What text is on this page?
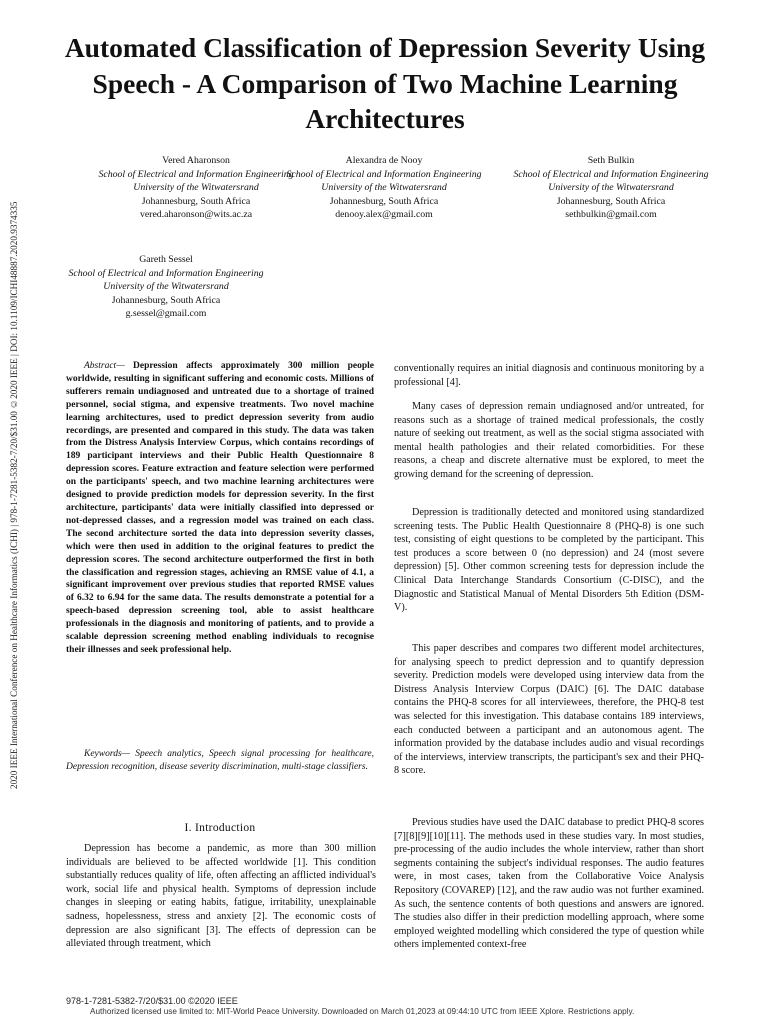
2020 IEEE International Conference on Healthcare Informatics (ICHI) | 978-1-7281-5382-7/20/$31.00 ©2020 IEEE | DOI: 10.1109/ICHI48887.2020.9374335
Automated Classification of Depression Severity Using Speech - A Comparison of Two Machine Learning Architectures
Vered Aharonson
School of Electrical and Information Engineering
University of the Witwatersrand
Johannesburg, South Africa
vered.aharonson@wits.ac.za
Alexandra de Nooy
School of Electrical and Information Engineering
University of the Witwatersrand
Johannesburg, South Africa
denooy.alex@gmail.com
Seth Bulkin
School of Electrical and Information Engineering
University of the Witwatersrand
Johannesburg, South Africa
sethbulkin@gmail.com
Gareth Sessel
School of Electrical and Information Engineering
University of the Witwatersrand
Johannesburg, South Africa
g.sessel@gmail.com
Abstract— Depression affects approximately 300 million people worldwide, resulting in significant suffering and economic costs. Millions of sufferers remain undiagnosed and untreated due to a shortage of trained personnel, social stigma, and expensive treatments. Two novel machine learning architectures, used to predict depression severity from audio recordings, are presented and compared in this study. The data was taken from the Distress Analysis Interview Corpus, which contains recordings of 189 participant interviews and their Public Health Questionnaire 8 depression scores. Feature extraction and feature selection were performed on the participants' speech, and two machine learning architectures were designed to provide prediction models for depression severity. In the first architecture, participants' data were initially classified into depressed or not-depressed classes, and a regression model was trained on each class. The second architecture sorted the data into depression severity classes, which were then used in addition to the original features to predict the depression scores. The second architecture outperformed the first in both the classification and regression stages, achieving an RMSE value of 4.1, a significant improvement over previous studies that reported RMSE values of 6.32 to 6.94 for the same data. The results demonstrate a potential for a speech-based depression screening tool, able to assist healthcare professionals in the diagnosis and monitoring of patients, and to provide a scalable depression screening method enabling individuals to recognise their illnesses and seek professional help.
Keywords— Speech analytics, Speech signal processing for healthcare, Depression recognition, disease severity discrimination, multi-stage classifiers.
I. Introduction
Depression has become a pandemic, as more than 300 million individuals are believed to be affected worldwide [1]. This condition substantially reduces quality of life, often affecting an afflicted individual's work, social life and physical health. Symptoms of depression include changes in sleeping or eating habits, fatigue, irritability, unexplainable sadness, hopelessness, stress and anxiety [2]. The economic costs of depression are also significant [3]. The effects of depression can be alleviated through treatment, which
conventionally requires an initial diagnosis and continuous monitoring by a professional [4].
Many cases of depression remain undiagnosed and/or untreated, for reasons such as a shortage of trained medical professionals, the costly nature of seeking out treatment, as well as the social stigma associated with mental health pathologies and their related comorbidities. For these reasons, a cheap and discrete alternative must be explored, to meet the growing demand for the screening of depression.
Depression is traditionally detected and monitored using standardized screening tests. The Public Health Questionnaire 8 (PHQ-8) is one such test, consisting of eight questions to be completed by the participant. This test produces a score between 0 (no depression) and 24 (most severe depression) [5]. Other common screening tests for depression include the Clinical Data Interchange Standards Consortium (C-DISC), and the Diagnostic and Statistical Manual of Mental Disorders 5th Edition (DSM-V).
This paper describes and compares two different model architectures, for analysing speech to predict depression and to quantify depression severity. Prediction models were developed using interview data from the Distress Analysis Interview Corpus (DAIC) [6]. The DAIC database contains the PHQ-8 scores for all interviewees, therefore, the PHQ-8 test was selected for this investigation. This database contains 189 interviews, each conducted between a participant and an autonomous agent. The information provided by the database includes audio and visual recordings of the interviews, interview transcripts, the participant's sex and their PHQ-8 score.
Previous studies have used the DAIC database to predict PHQ-8 scores [7][8][9][10][11]. The methods used in these studies vary. In most studies, pre-processing of the audio includes the whole interview, rather than short segments containing the subject's individual responses. The audio features were, in most cases, taken from the Collaborative Voice Analysis Repository (COVAREP) [12], and the raw audio was not further examined. As such, the sentence contents of both questions and answers are ignored. The studies also differ in their prediction modelling approach, where some employed weighted modelling which considered the type of question while others implemented context-free
978-1-7281-5382-7/20/$31.00 ©2020 IEEE
Authorized licensed use limited to: MIT-World Peace University. Downloaded on March 01,2023 at 09:44:10 UTC from IEEE Xplore. Restrictions apply.
